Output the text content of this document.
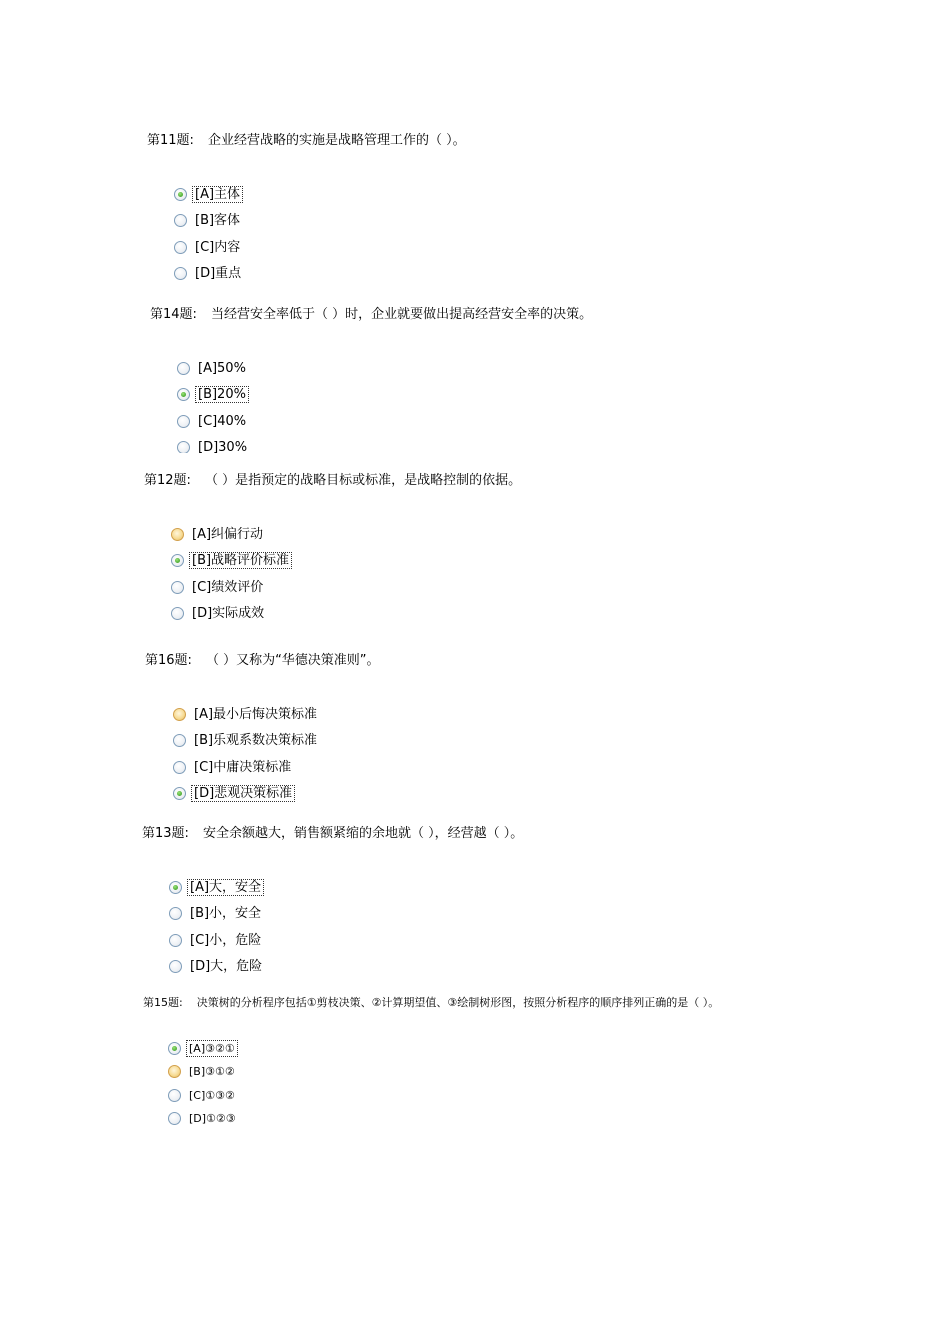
第11题: 企业经营战略的实施是战略管理工作的（ ）。

[A]主体
[B]客体
[C]内容
[D]重点

第14题: 当经营安全率低于（ ）时，企业就要做出提高经营安全率的决策。

[A]50%
[B]20%
[C]40%
[D]30%

第12题: （ ）是指预定的战略目标或标准，是战略控制的依据。

[A]纠偏行动
[B]战略评价标准
[C]绩效评价
[D]实际成效

第16题: （ ）又称为“华德决策准则”。

[A]最小后悔决策标准
[B]乐观系数决策标准
[C]中庸决策标准
[D]悲观决策标准

第13题: 安全余额越大，销售额紧缩的余地就（ ），经营越（ ）。

[A]大，安全
[B]小，安全
[C]小，危险
[D]大，危险

第15题: 决策树的分析程序包括①剪枝决策、②计算期望值、③绘制树形图，按照分析程序的顺序排列正确的是（ ）。

[A]③②①
[B]③①②
[C]①③②
[D]①②③
